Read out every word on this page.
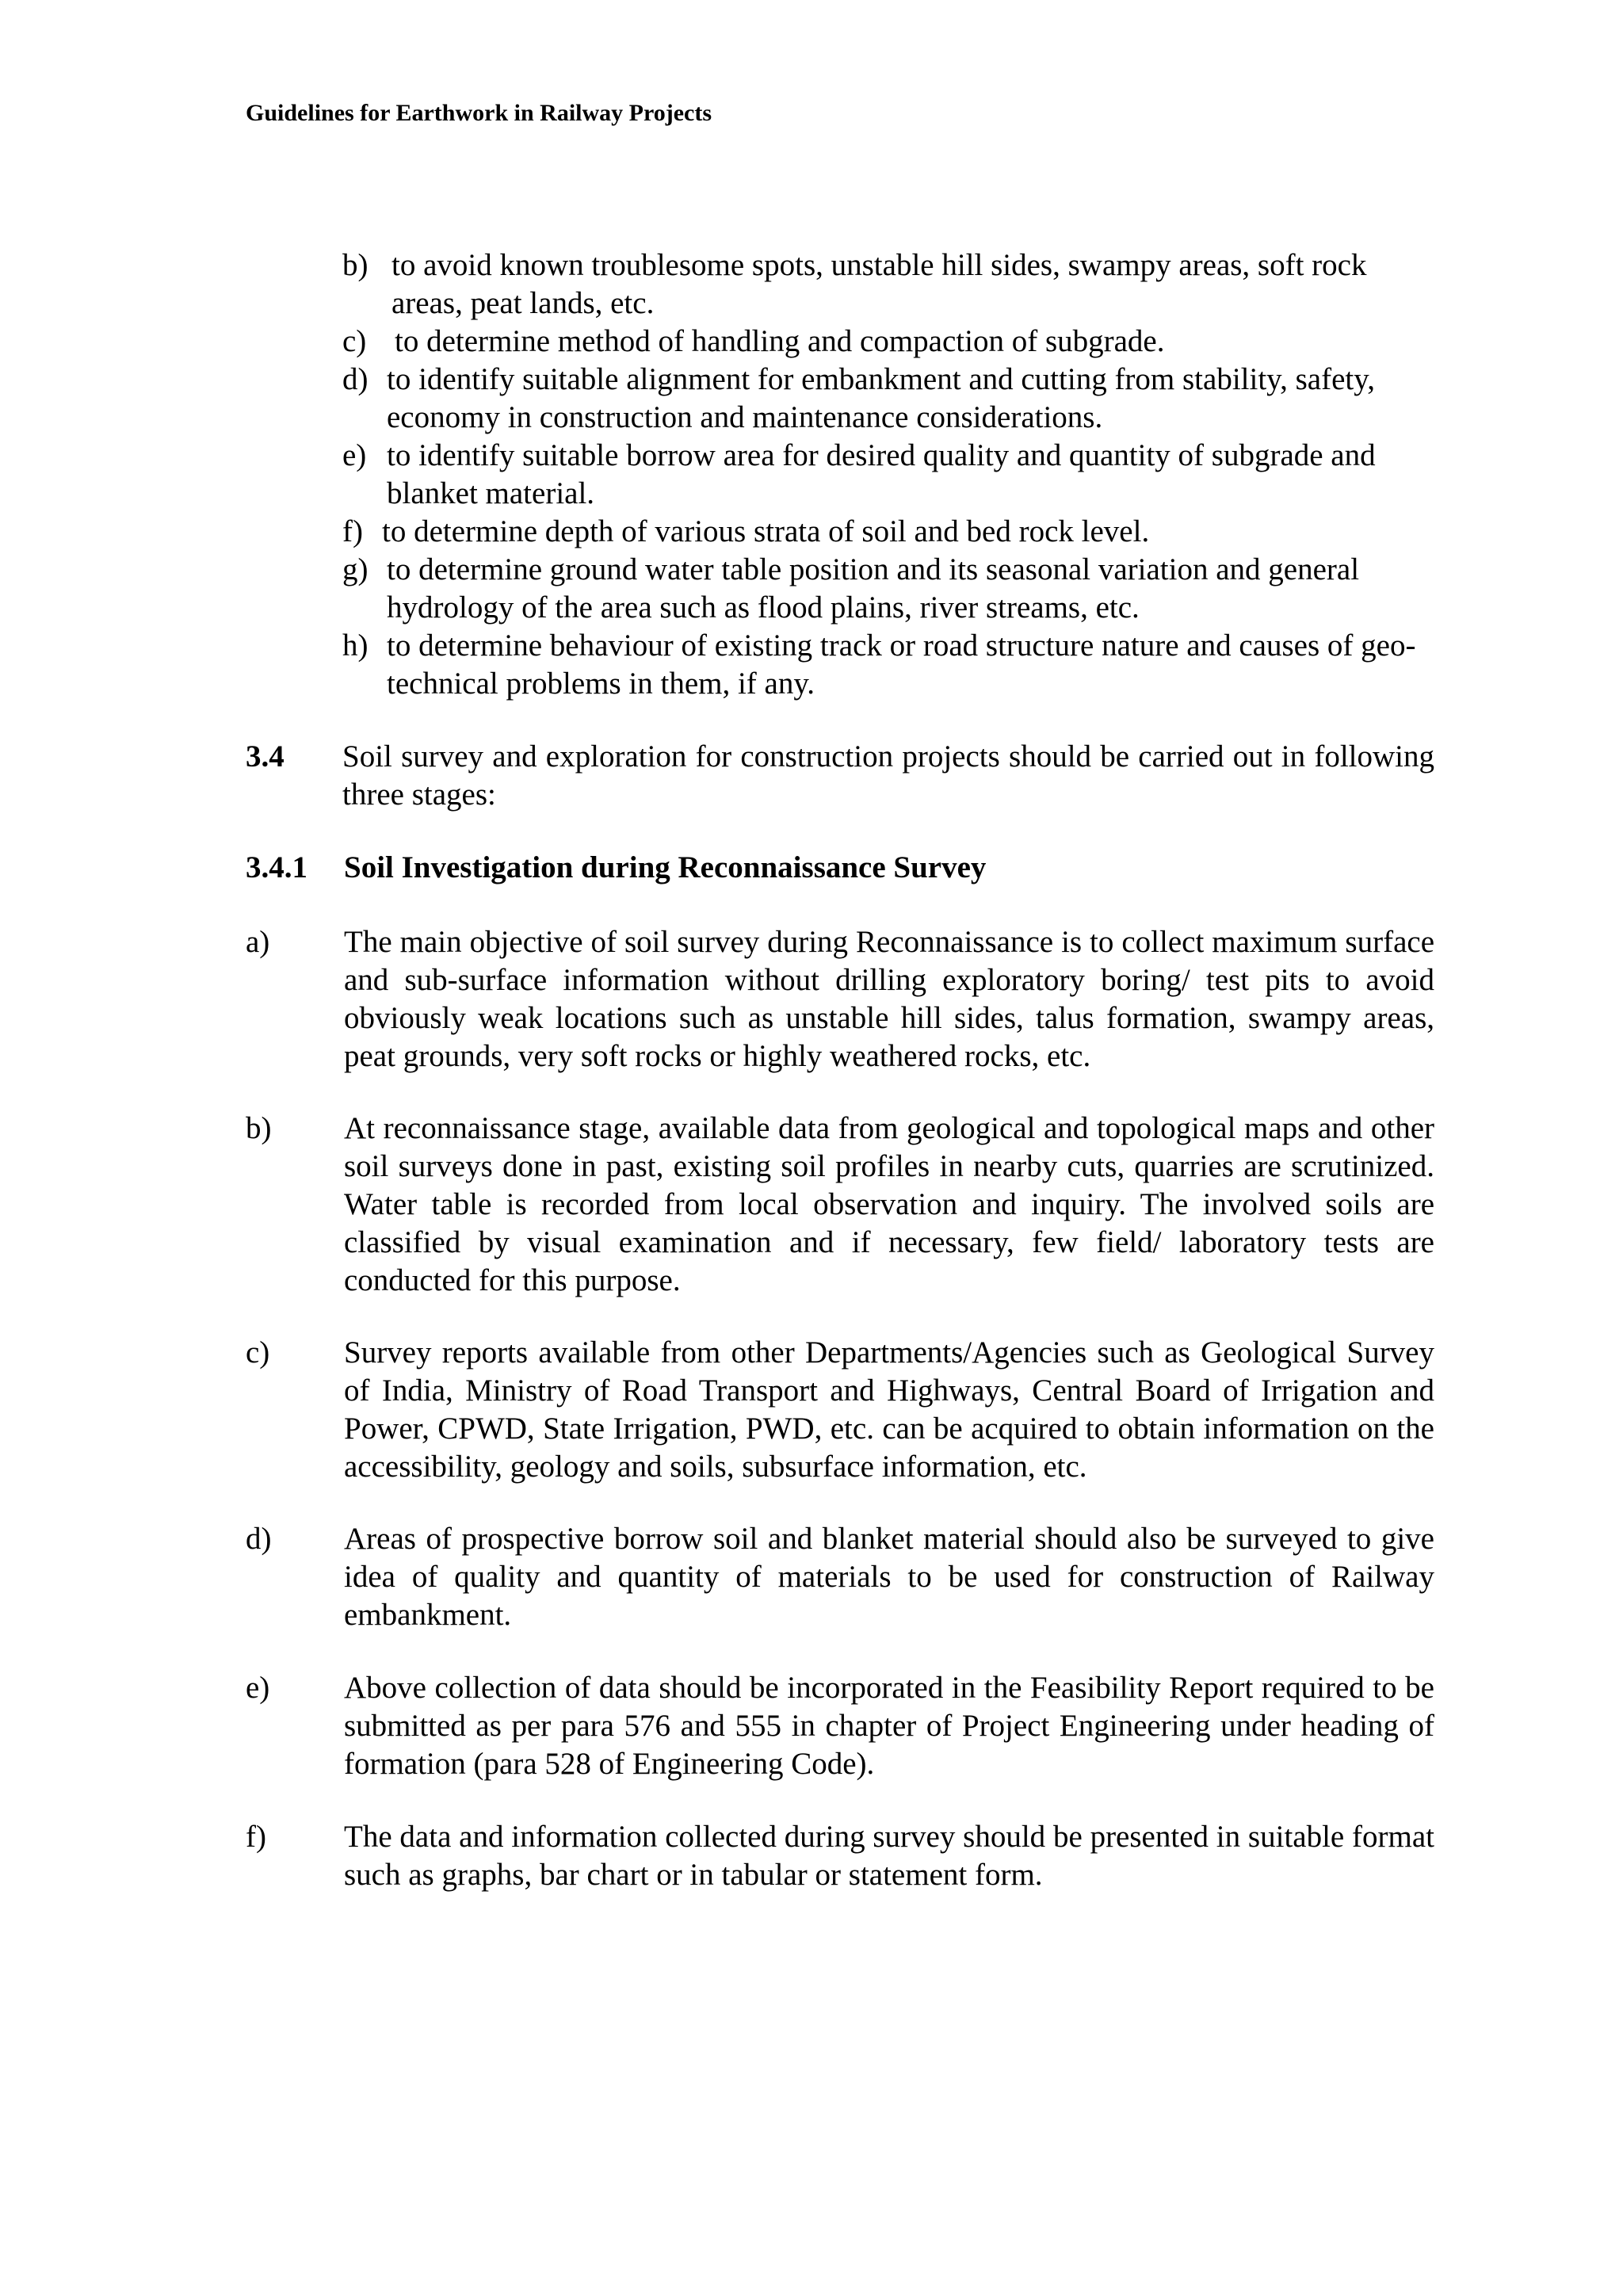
Guidelines for Earthwork in Railway Projects
b) to avoid known troublesome spots, unstable hill sides, swampy areas, soft rock areas, peat lands, etc.
c) to determine method of handling and compaction of subgrade.
d) to identify suitable alignment for embankment and cutting from stability, safety, economy in construction and maintenance considerations.
e) to identify suitable borrow area for desired quality and quantity of subgrade and blanket material.
f) to determine depth of various strata of soil and bed rock level.
g) to determine ground water table position and its seasonal variation and general hydrology of the area such as flood plains, river streams, etc.
h) to determine behaviour of existing track or road structure nature and causes of geo-technical problems in them, if any.
3.4 Soil survey and exploration for construction projects should be carried out in following three stages:
3.4.1 Soil Investigation during Reconnaissance Survey
a) The main objective of soil survey during Reconnaissance is to collect maximum surface and sub-surface information without drilling exploratory boring/ test pits to avoid obviously weak locations such as unstable hill sides, talus formation, swampy areas, peat grounds, very soft rocks or highly weathered rocks, etc.
b) At reconnaissance stage, available data from geological and topological maps and other soil surveys done in past, existing soil profiles in nearby cuts, quarries are scrutinized. Water table is recorded from local observation and inquiry. The involved soils are classified by visual examination and if necessary, few field/ laboratory tests are conducted for this purpose.
c) Survey reports available from other Departments/Agencies such as Geological Survey of India, Ministry of Road Transport and Highways, Central Board of Irrigation and Power, CPWD, State Irrigation, PWD, etc. can be acquired to obtain information on the accessibility, geology and soils, subsurface information, etc.
d) Areas of prospective borrow soil and blanket material should also be surveyed to give idea of quality and quantity of materials to be used for construction of Railway embankment.
e) Above collection of data should be incorporated in the Feasibility Report required to be submitted as per para 576 and 555 in chapter of Project Engineering under heading of formation (para 528 of Engineering Code).
f)	The data and information collected during survey should be presented in suitable format such as graphs, bar chart or in tabular or statement form.
